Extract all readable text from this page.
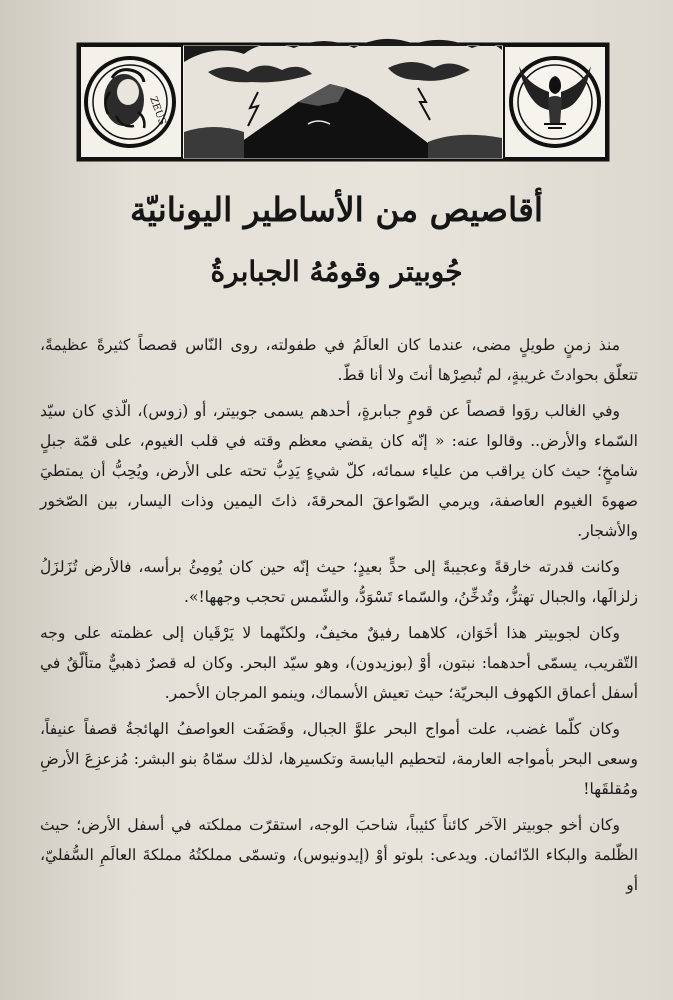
ZEUS
أقاصيص من الأساطير اليونانيّة
جُوبيتر وقومُهُ الجبابرةُ

منذ زمنٍ طويلٍ مضى، عندما كان العالَمُ في طفولته، روى النّاس قصصاً كثيرةً عظيمةً، تتعلّق بحوادثَ غريبةٍ، لم تُبصِرْها أنتَ ولا أنا قطّ.

وفي الغالب روَوا قصصاً عن قومٍ جبابرةٍ، أحدهم يسمى جوبيتر، أو (زوس)، الّذي كان سيّد السّماء والأرض.. وقالوا عنه: « إنّه كان يقضي معظم وقته في قلب الغيوم، على قمّة جبلٍ شامخٍ؛ حيث كان يراقب من علياء سمائه، كلّ شيءٍ يَدِبُّ تحته على الأرض، ويُحِبُّ أن يمتطيَ صهوةَ الغيوم العاصفة، ويرمي الصّواعقَ المحرقةَ، ذاتَ اليمين وذات اليسار، بين الصّخور والأشجار.

وكانت قدرته خارقةً وعجيبةً إلى حدٍّ بعيدٍ؛ حيث إنّه حين كان يُومِئُ برأسه، فالأرض تُزَلزَلُ زلزالَها، والجبال تهتزُّ، وتُدخِّنُ، والسّماء تَسْوَدُّ، والشّمس تحجب وجهها!».

وكان لجوبيتر هذا أخَوَان، كلاهما رفيقٌ مخيفٌ، ولكنّهما لا يَرْقَيان إلى عظمته على وجه التّقريب، يسمّى أحدهما: نبتون، أوْ (بوزيدون)، وهو سيّد البحر. وكان له قصرٌ ذهبيٌّ متألّقٌ في أسفل أعماق الكهوف البحريّة؛ حيث تعيش الأسماك، وينمو المرجان الأحمر.

وكان كلّما غضب، علت أمواج البحر علوَّ الجبال، وقَصَفَت العواصفُ الهائجةُ قصفاً عنيفاً، وسعى البحر بأمواجه العارمة، لتحطيم اليابسة وتكسيرها، لذلك سمّاهُ بنو البشر: مُزعزِعَ الأرضِ ومُقلقَها!

وكان أخو جوبيتر الآخر كائناً كئيباً، شاحبَ الوجه، استقرّت مملكته في أسفل الأرض؛ حيث الظّلمة والبكاء الدّائمان. ويدعى: بلوتو أوْ (إيدونيوس)، وتسمّى مملكتُهُ مملكةَ العالَمِ السُّفليّ، أو
